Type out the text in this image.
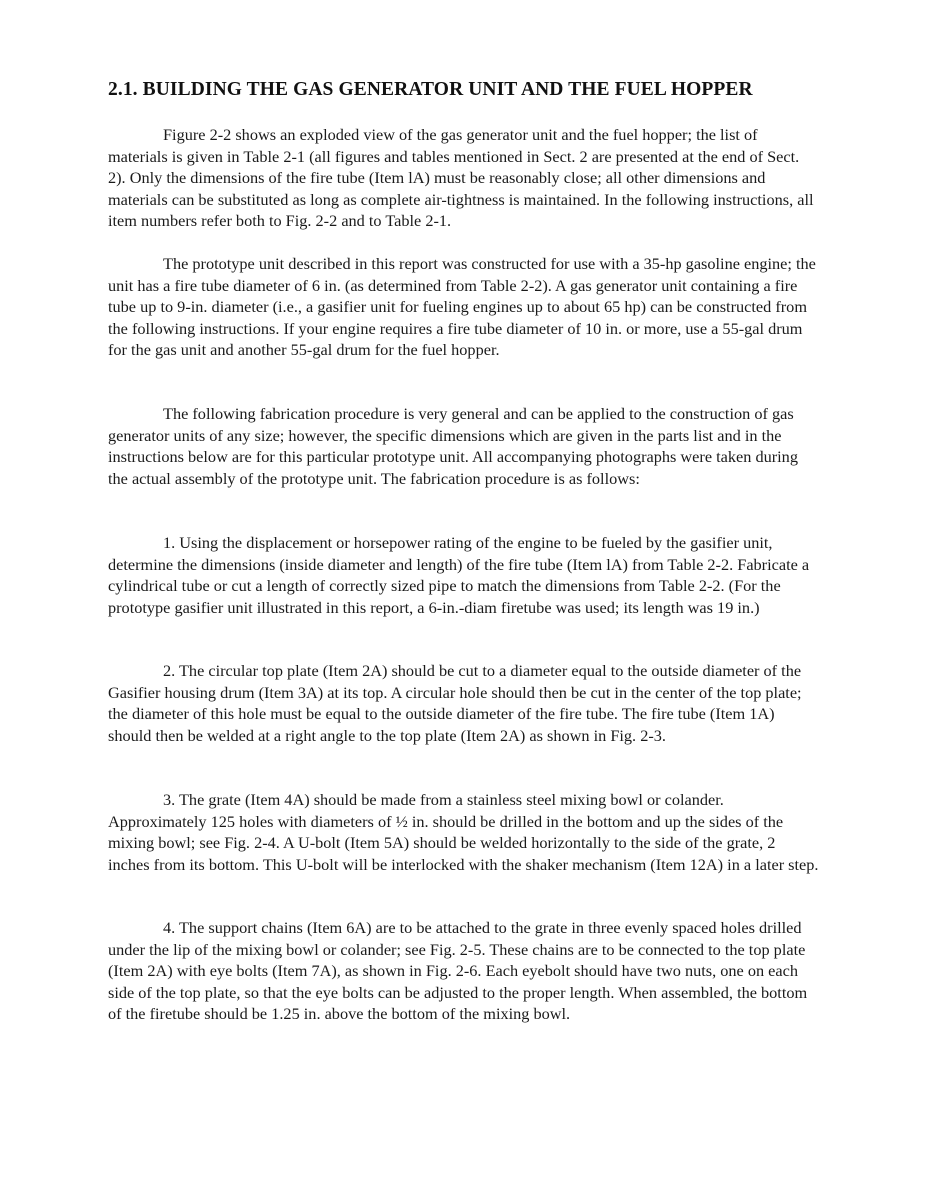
2.1. BUILDING THE GAS GENERATOR UNIT AND THE FUEL HOPPER

Figure 2-2 shows an exploded view of the gas generator unit and the fuel hopper; the list of materials is given in Table 2-1 (all figures and tables mentioned in Sect. 2 are presented at the end of Sect. 2). Only the dimensions of the fire tube (Item lA) must be reasonably close; all other dimensions and materials can be substituted as long as complete air-tightness is maintained. In the following instructions, all item numbers refer both to Fig. 2-2 and to Table 2-1.

The prototype unit described in this report was constructed for use with a 35-hp gasoline engine; the unit has a fire tube diameter of 6 in. (as determined from Table 2-2). A gas generator unit containing a fire tube up to 9-in. diameter (i.e., a gasifier unit for fueling engines up to about 65 hp) can be constructed from the following instructions. If your engine requires a fire tube diameter of 10 in. or more, use a 55-gal drum for the gas unit and another 55-gal drum for the fuel hopper.

The following fabrication procedure is very general and can be applied to the construction of gas generator units of any size; however, the specific dimensions which are given in the parts list and in the instructions below are for this particular prototype unit. All accompanying photographs were taken during the actual assembly of the prototype unit. The fabrication procedure is as follows:

1. Using the displacement or horsepower rating of the engine to be fueled by the gasifier unit, determine the dimensions (inside diameter and length) of the fire tube (Item lA) from Table 2-2. Fabricate a cylindrical tube or cut a length of correctly sized pipe to match the dimensions from Table 2-2. (For the prototype gasifier unit illustrated in this report, a 6-in.-diam firetube was used; its length was 19 in.)

2. The circular top plate (Item 2A) should be cut to a diameter equal to the outside diameter of the Gasifier housing drum (Item 3A) at its top. A circular hole should then be cut in the center of the top plate; the diameter of this hole must be equal to the outside diameter of the fire tube. The fire tube (Item 1A) should then be welded at a right angle to the top plate (Item 2A) as shown in Fig. 2-3.

3. The grate (Item 4A) should be made from a stainless steel mixing bowl or colander. Approximately 125 holes with diameters of ½ in. should be drilled in the bottom and up the sides of the mixing bowl; see Fig. 2-4. A U-bolt (Item 5A) should be welded horizontally to the side of the grate, 2 inches from its bottom. This U-bolt will be interlocked with the shaker mechanism (Item 12A) in a later step.

4. The support chains (Item 6A) are to be attached to the grate in three evenly spaced holes drilled under the lip of the mixing bowl or colander; see Fig. 2-5. These chains are to be connected to the top plate (Item 2A) with eye bolts (Item 7A), as shown in Fig. 2-6. Each eyebolt should have two nuts, one on each side of the top plate, so that the eye bolts can be adjusted to the proper length. When assembled, the bottom of the firetube should be 1.25 in. above the bottom of the mixing bowl.
